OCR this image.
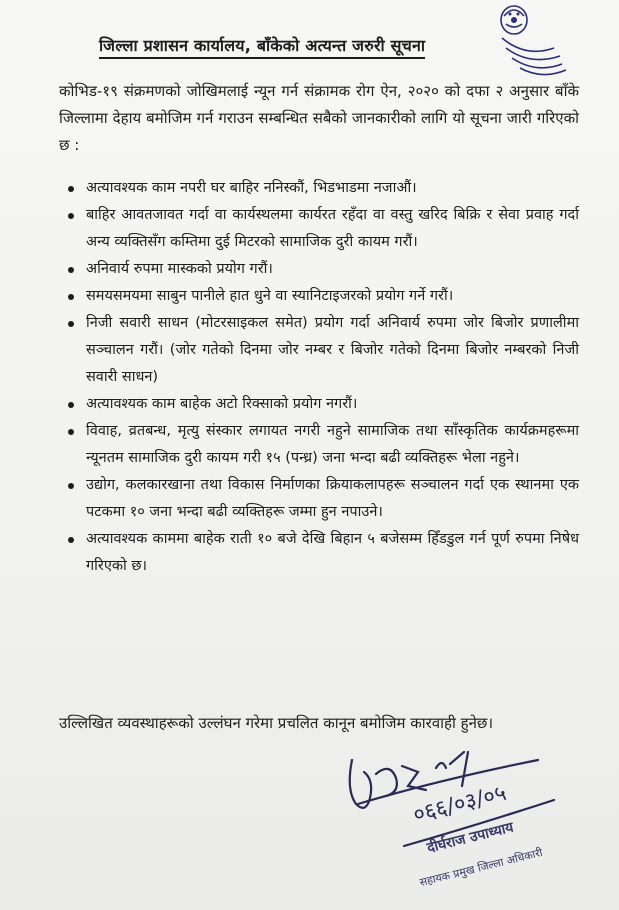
जिल्ला प्रशासन कार्यालय, बाँकेको अत्यन्त जरुरी सूचना
कोभिड-१९ संक्रमणको जोखिमलाई न्यून गर्न संक्रामक रोग ऐन, २०२० को दफा २ अनुसार बाँके जिल्लामा देहाय बमोजिम गर्न गराउन सम्बन्धित सबैको जानकारीको लागि यो सूचना जारी गरिएको छ :
अत्यावश्यक काम नपरी घर बाहिर ननिस्कौं, भिडभाडमा नजाऔं।
बाहिर आवतजावत गर्दा वा कार्यस्थलमा कार्यरत रहँदा वा वस्तु खरिद बिक्रि र सेवा प्रवाह गर्दा अन्य व्यक्तिसँग कम्तिमा दुई मिटरको सामाजिक दुरी कायम गरौं।
अनिवार्य रुपमा मास्कको प्रयोग गरौं।
समयसमयमा साबुन पानीले हात धुने वा स्यानिटाइजरको प्रयोग गर्ने गरौं।
निजी सवारी साधन (मोटरसाइकल समेत) प्रयोग गर्दा अनिवार्य रुपमा जोर बिजोर प्रणालीमा सञ्चालन गरौं। (जोर गतेको दिनमा जोर नम्बर र बिजोर गतेको दिनमा बिजोर नम्बरको निजी सवारी साधन)
अत्यावश्यक काम बाहेक अटो रिक्साको प्रयोग नगरौं।
विवाह, व्रतबन्ध, मृत्यु संस्कार लगायत नगरी नहुने सामाजिक तथा साँस्कृतिक कार्यक्रमहरूमा न्यूनतम सामाजिक दुरी कायम गरी १५ (पन्ध्र) जना भन्दा बढी व्यक्तिहरू भेला नहुने।
उद्योग, कलकारखाना तथा विकास निर्माणका क्रियाकलापहरू सञ्चालन गर्दा एक स्थानमा एक पटकमा १० जना भन्दा बढी व्यक्तिहरू जम्मा हुन नपाउने।
अत्यावश्यक काममा बाहेक राती १० बजे देखि बिहान ५ बजेसम्म हिँडडुल गर्न पूर्ण रुपमा निषेध गरिएको छ।
उल्लिखित व्यवस्थाहरूको उल्लंघन गरेमा प्रचलित कानून बमोजिम कारवाही हुनेछ।
०६६/०३/०५
दीर्घराज उपाध्याय
सहायक प्रमुख जिल्ला अधिकारी
